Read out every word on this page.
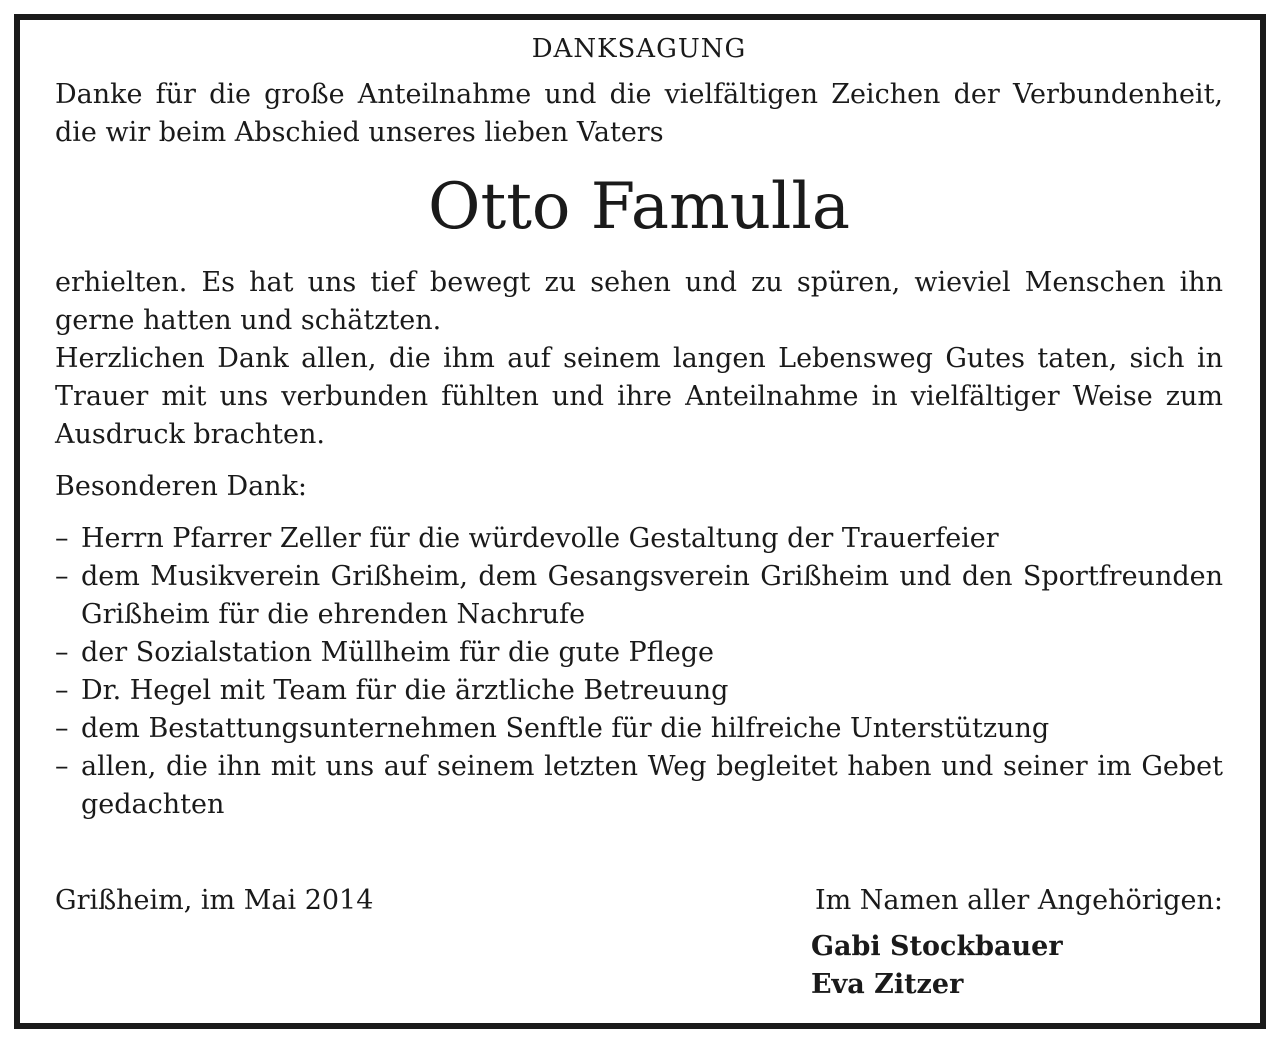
DANKSAGUNG

Danke für die große Anteilnahme und die vielfältigen Zeichen der Verbundenheit, die wir beim Abschied unseres lieben Vaters

Otto Famulla

erhielten. Es hat uns tief bewegt zu sehen und zu spüren, wieviel Menschen ihn gerne hatten und schätzten.

Herzlichen Dank allen, die ihm auf seinem langen Lebensweg Gutes taten, sich in Trauer mit uns verbunden fühlten und ihre Anteilnahme in vielfältiger Weise zum Ausdruck brachten.

Besonderen Dank:

– Herrn Pfarrer Zeller für die würdevolle Gestaltung der Trauerfeier
– dem Musikverein Grißheim, dem Gesangsverein Grißheim und den Sportfreunden Grißheim für die ehrenden Nachrufe
– der Sozialstation Müllheim für die gute Pflege
– Dr. Hegel mit Team für die ärztliche Betreuung
– dem Bestattungsunternehmen Senftle für die hilfreiche Unterstützung
– allen, die ihn mit uns auf seinem letzten Weg begleitet haben und seiner im Gebet gedachten
Grißheim, im Mai 2014	Im Namen aller Angehörigen:
Gabi Stockbauer
Eva Zitzer
